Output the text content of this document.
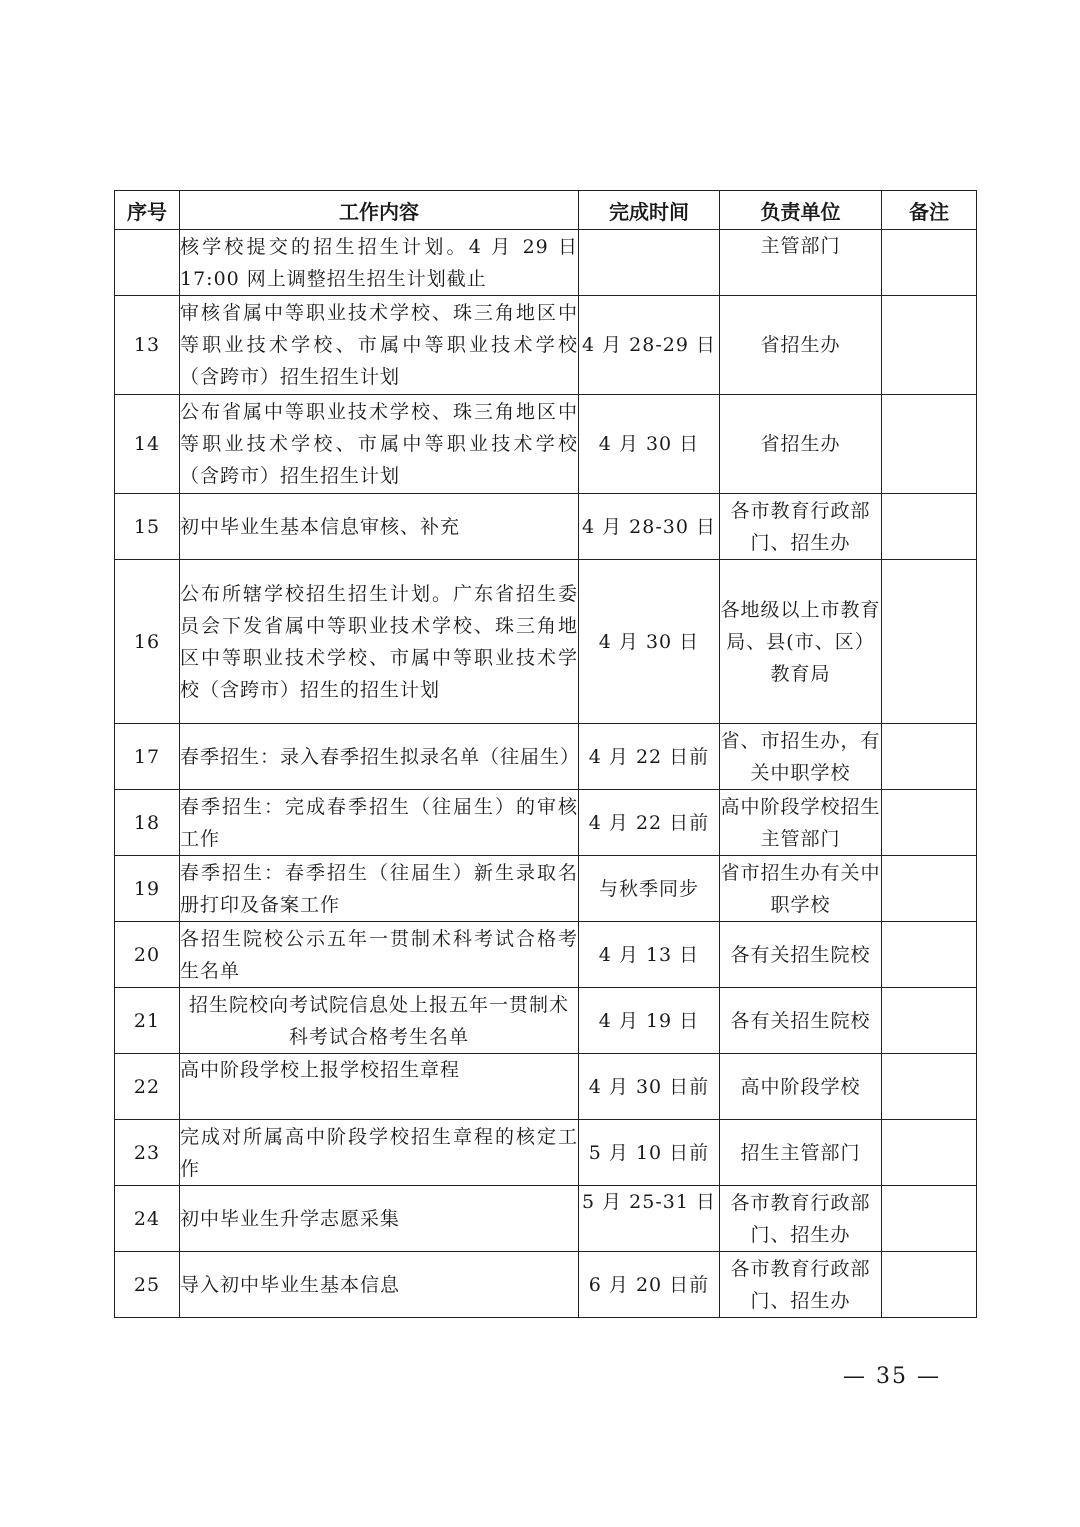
序号	工作内容	完成时间	负责单位	备注
	核学校提交的招生招生计划。4 月 29 日 17:00 网上调整招生招生计划截止		主管部门	
13	审核省属中等职业技术学校、珠三角地区中等职业技术学校、市属中等职业技术学校（含跨市）招生招生计划	4 月 28-29 日	省招生办	
14	公布省属中等职业技术学校、珠三角地区中等职业技术学校、市属中等职业技术学校（含跨市）招生招生计划	4 月 30 日	省招生办	
15	初中毕业生基本信息审核、补充	4 月 28-30 日	各市教育行政部门、招生办	
16	公布所辖学校招生招生计划。广东省招生委员会下发省属中等职业技术学校、珠三角地区中等职业技术学校、市属中等职业技术学校（含跨市）招生的招生计划	4 月 30 日	各地级以上市教育局、县(市、区）教育局	
17	春季招生：录入春季招生拟录名单（往届生）	4 月 22 日前	省、市招生办，有关中职学校	
18	春季招生：完成春季招生（往届生）的审核工作	4 月 22 日前	高中阶段学校招生主管部门	
19	春季招生：春季招生（往届生）新生录取名册打印及备案工作	与秋季同步	省市招生办有关中职学校	
20	各招生院校公示五年一贯制术科考试合格考生名单	4 月 13 日	各有关招生院校	
21	招生院校向考试院信息处上报五年一贯制术科考试合格考生名单	4 月 19 日	各有关招生院校	
22	高中阶段学校上报学校招生章程	4 月 30 日前	高中阶段学校	
23	完成对所属高中阶段学校招生章程的核定工作	5 月 10 日前	招生主管部门	
24	初中毕业生升学志愿采集	5 月 25-31 日	各市教育行政部门、招生办	
25	导入初中毕业生基本信息	6 月 20 日前	各市教育行政部门、招生办	
— 35 —
